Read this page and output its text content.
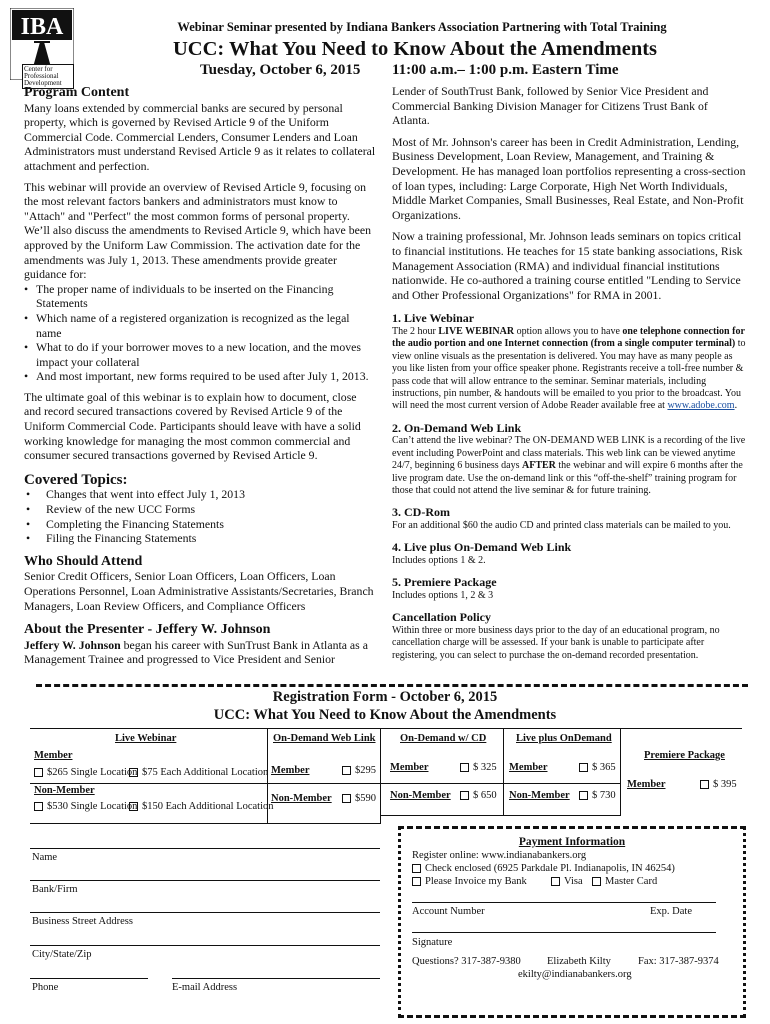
IBA
Center for Professional Development
Webinar Seminar presented by Indiana Bankers Association Partnering with Total Training
UCC: What You Need to Know About the Amendments
Tuesday, October 6, 2015 11:00 a.m.– 1:00 p.m. Eastern Time
Program Content

Many loans extended by commercial banks are secured by personal property, which is governed by Revised Article 9 of the Uniform Commercial Code. Commercial Lenders, Consumer Lenders and Loan Administrators must understand Revised Article 9 as it relates to collateral attachment and perfection.

This webinar will provide an overview of Revised Article 9, focusing on the most relevant factors bankers and administrators must know to "Attach" and "Perfect" the most common forms of personal property. We’ll also discuss the amendments to Revised Article 9, which have been approved by the Uniform Law Commission. The activation date for the amendments was July 1, 2013. These amendments provide greater guidance for:

• The proper name of individuals to be inserted on the Financing Statements
• Which name of a registered organization is recognized as the legal name
• What to do if your borrower moves to a new location, and the moves impact your collateral
• And most important, new forms required to be used after July 1, 2013.

The ultimate goal of this webinar is to explain how to document, close and record secured transactions covered by Revised Article 9 of the Uniform Commercial Code. Participants should leave with have a solid working knowledge for managing the most common commercial and consumer secured transactions governed by Revised Article 9.

Covered Topics:
• Changes that went into effect July 1, 2013
• Review of the new UCC Forms
• Completing the Financing Statements
• Filing the Financing Statements
Who Should Attend

Senior Credit Officers, Senior Loan Officers, Loan Officers, Loan Operations Personnel, Loan Administrative Assistants/Secretaries, Branch Managers, Loan Review Officers, and Compliance Officers

About the Presenter - Jeffery W. Johnson

Jeffery W. Johnson began his career with SunTrust Bank in Atlanta as a Management Trainee and progressed to Vice President and Senior

Lender of SouthTrust Bank, followed by Senior Vice President and Commercial Banking Division Manager for Citizens Trust Bank of Atlanta.

Most of Mr. Johnson's career has been in Credit Administration, Lending, Business Development, Loan Review, Management, and Training & Development. He has managed loan portfolios representing a cross-section of loan types, including: Large Corporate, High Net Worth Individuals, Middle Market Companies, Small Businesses, Real Estate, and Non-Profit Organizations.

Now a training professional, Mr. Johnson leads seminars on topics critical to financial institutions. He teaches for 15 state banking associations, Risk Management Association (RMA) and individual financial institutions nationwide. He co-authored a training course entitled "Lending to Service and Other Professional Organizations" for RMA in 2001.

1. Live Webinar

The 2 hour LIVE WEBINAR option allows you to have one telephone connection for the audio portion and one Internet connection (from a single computer terminal) to view online visuals as the presentation is delivered. You may have as many people as you like listen from your office speaker phone. Registrants receive a toll-free number & pass code that will allow entrance to the seminar. Seminar materials, including instructions, pin number, & handouts will be emailed to you prior to the broadcast. You will need the most current version of Adobe Reader available free at www.adobe.com.

2. On-Demand Web Link

Can’t attend the live webinar? The ON-DEMAND WEB LINK is a recording of the live event including PowerPoint and class materials. This web link can be viewed anytime 24/7, beginning 6 business days AFTER the webinar and will expire 6 months after the live program date. Use the on-demand link or this “off-the-shelf” training program for those that could not attend the live seminar & for future training.

3. CD-Rom

For an additional $60 the audio CD and printed class materials can be mailed to you.

4. Live plus On-Demand Web Link

Includes options 1 & 2.

5. Premiere Package

Includes options 1, 2 & 3

Cancellation Policy

Within three or more business days prior to the day of an educational program, no cancellation charge will be assessed. If your bank is unable to participate after registering, you can select to purchase the on-demand recorded presentation.

Registration Form - October 6, 2015
UCC: What You Need to Know About the Amendments
Live Webinar
Member
$265 Single Location $75 Each Additional Location
Non-Member
$530 Single Location $150 Each Additional Location
On-Demand Web Link
Member	$295
Non-Member	$590
On-Demand w/ CD
Member	$ 325
Non-Member	$ 650
Live plus OnDemand
Member	$ 365
Non-Member	$ 730
Premiere Package
Member	$ 395
Name
Bank/Firm
Business Street Address
City/State/Zip
Phone	E-mail Address
Payment Information
Register online: www.indianabankers.org
Check enclosed (6925 Parkdale Pl. Indianapolis, IN 46254)
Please Invoice my Bank	Visa	Master Card
Account Number	Exp. Date
Signature
Questions? 317-387-9380 Elizabeth Kilty	Fax: 317-387-9374
ekilty@indianabankers.org
